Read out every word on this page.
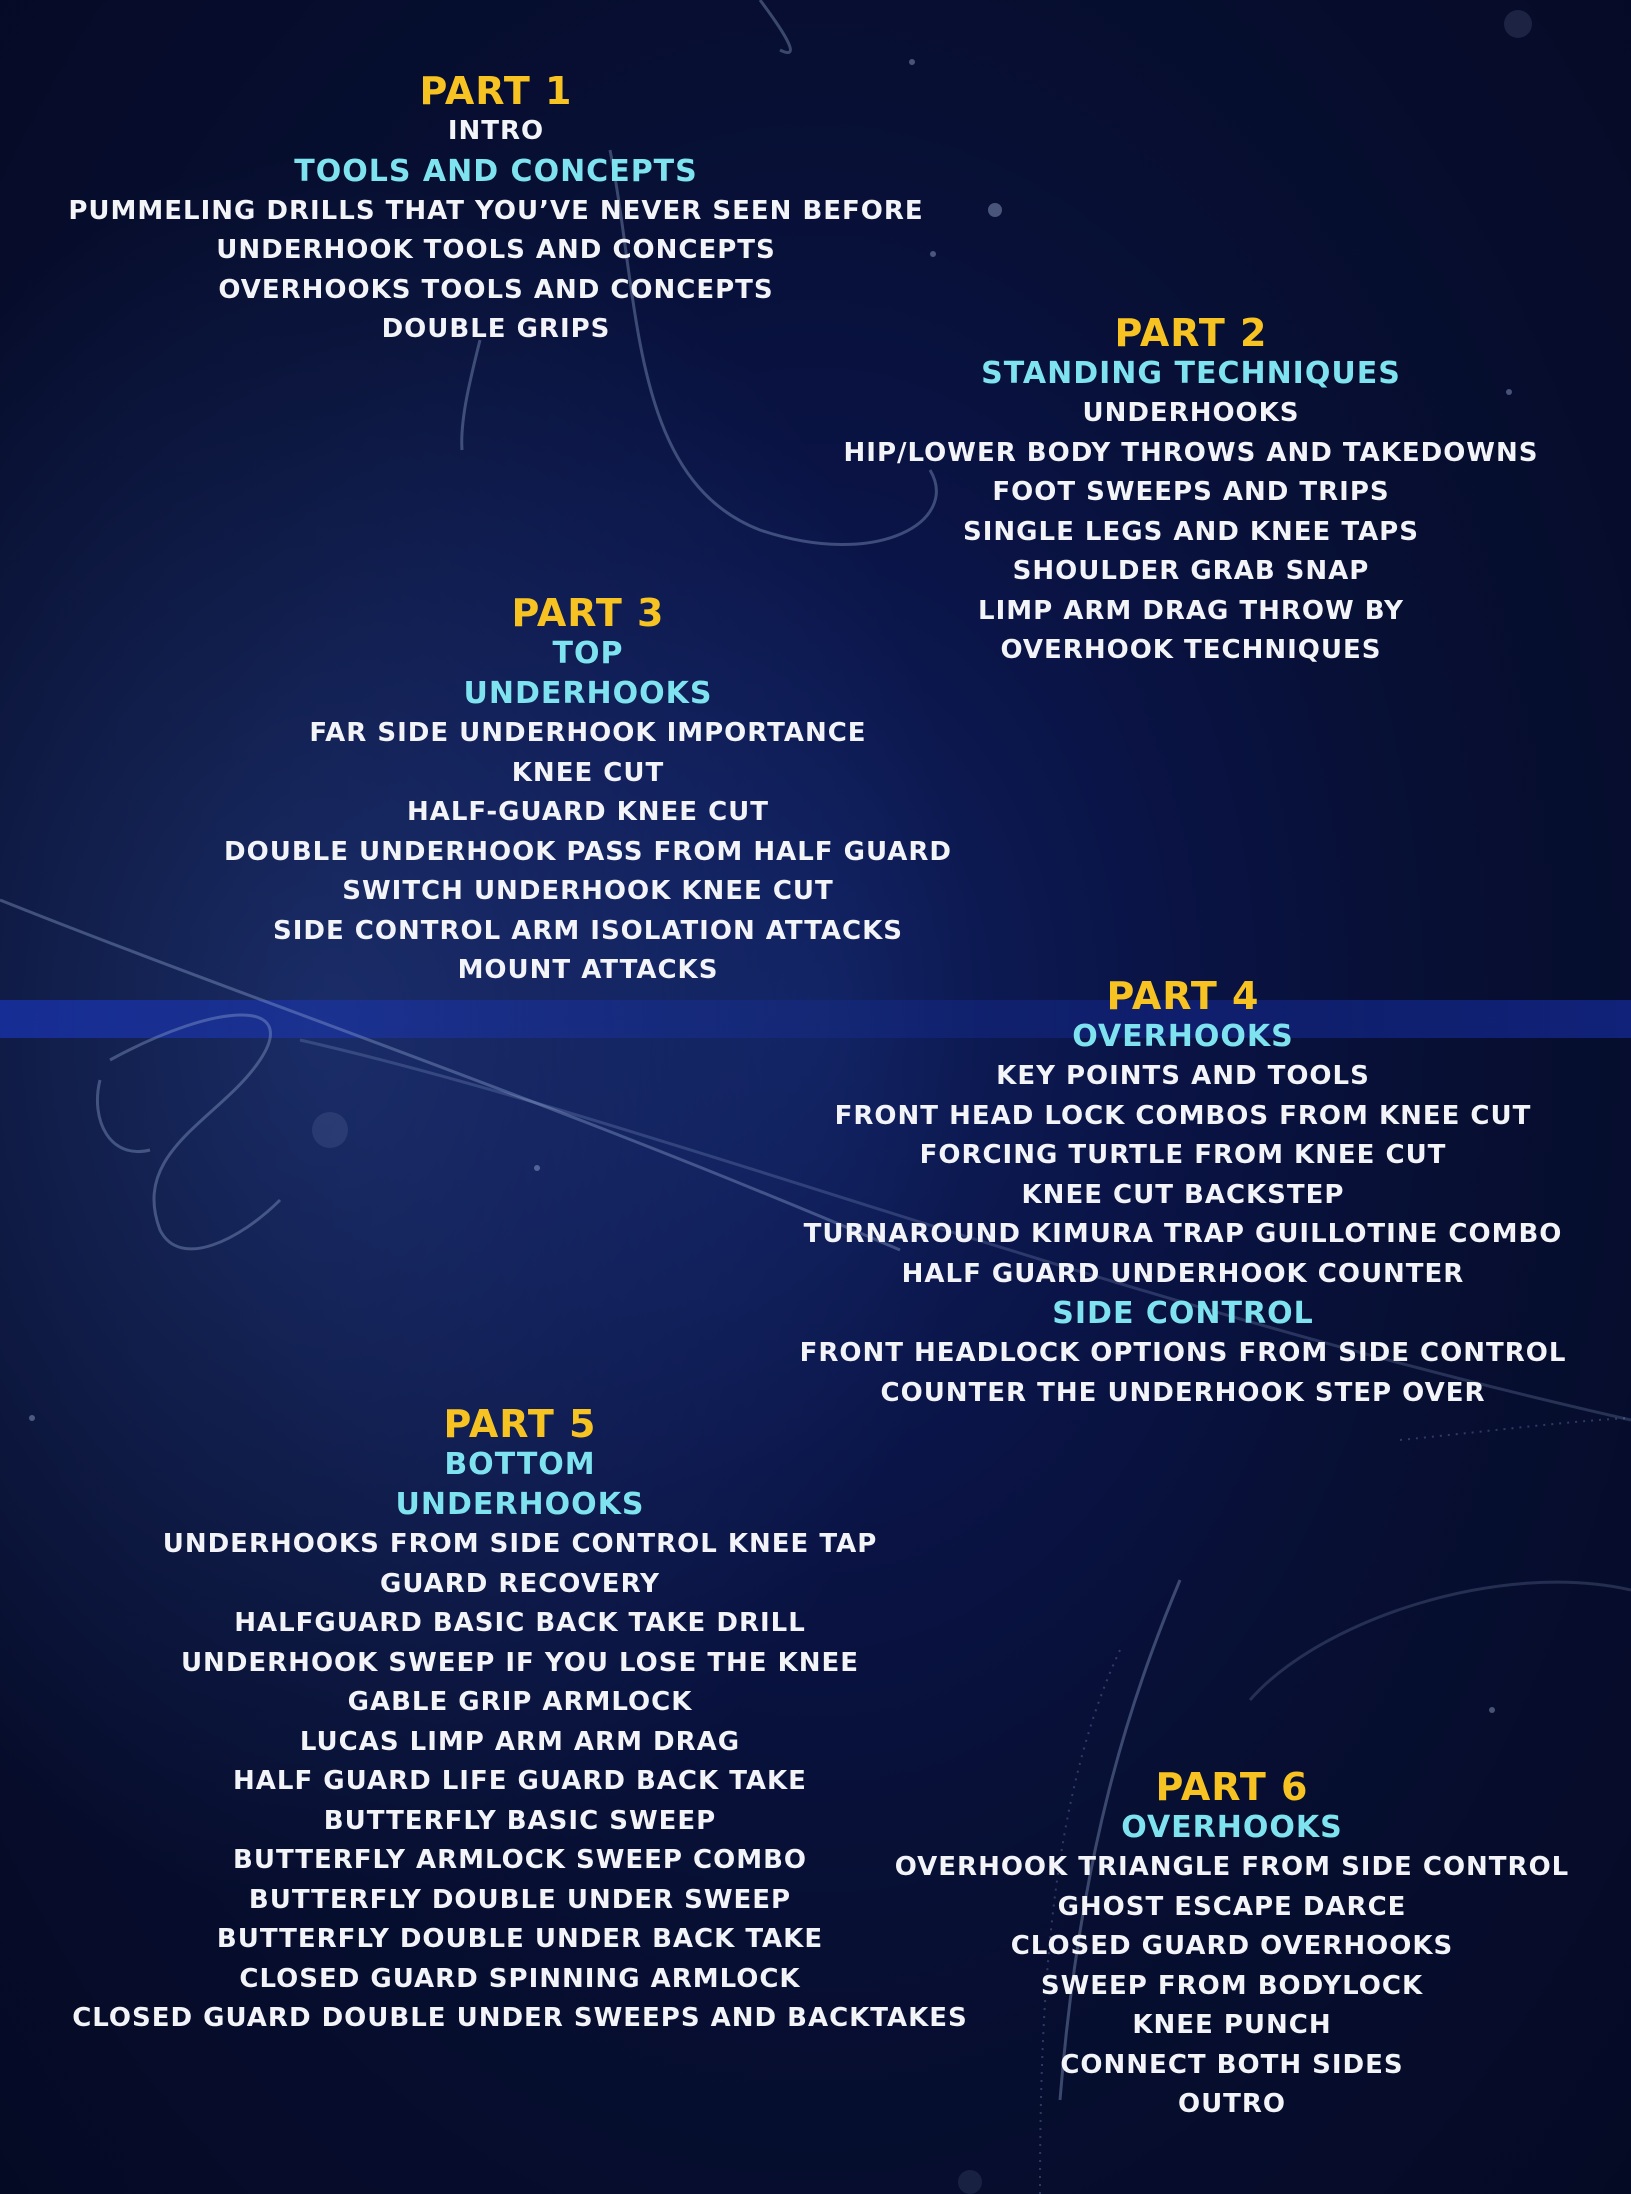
PART 1
INTRO
TOOLS AND CONCEPTS
PUMMELING DRILLS THAT YOU’VE NEVER SEEN BEFORE
UNDERHOOK TOOLS AND CONCEPTS
OVERHOOKS TOOLS AND CONCEPTS
DOUBLE GRIPS	PART 2
STANDING TECHNIQUES
UNDERHOOKS
HIP/LOWER BODY THROWS AND TAKEDOWNS
FOOT SWEEPS AND TRIPS
SINGLE LEGS AND KNEE TAPS
SHOULDER GRAB SNAP
LIMP ARM DRAG THROW BY
OVERHOOK TECHNIQUES
PART 3
TOP
UNDERHOOKS
FAR SIDE UNDERHOOK IMPORTANCE
KNEE CUT
HALF-GUARD KNEE CUT
DOUBLE UNDERHOOK PASS FROM HALF GUARD
SWITCH UNDERHOOK KNEE CUT
SIDE CONTROL ARM ISOLATION ATTACKS
MOUNT ATTACKS
PART 4
OVERHOOKS
KEY POINTS AND TOOLS
FRONT HEAD LOCK COMBOS FROM KNEE CUT
FORCING TURTLE FROM KNEE CUT
KNEE CUT BACKSTEP
TURNAROUND KIMURA TRAP GUILLOTINE COMBO
HALF GUARD UNDERHOOK COUNTER
SIDE CONTROL
FRONT HEADLOCK OPTIONS FROM SIDE CONTROL
COUNTER THE UNDERHOOK STEP OVER
PART 5
BOTTOM
UNDERHOOKS
UNDERHOOKS FROM SIDE CONTROL KNEE TAP
GUARD RECOVERY
HALFGUARD BASIC BACK TAKE DRILL
UNDERHOOK SWEEP IF YOU LOSE THE KNEE
GABLE GRIP ARMLOCK
LUCAS LIMP ARM ARM DRAG
HALF GUARD LIFE GUARD BACK TAKE
BUTTERFLY BASIC SWEEP
BUTTERFLY ARMLOCK SWEEP COMBO
BUTTERFLY DOUBLE UNDER SWEEP
BUTTERFLY DOUBLE UNDER BACK TAKE
CLOSED GUARD SPINNING ARMLOCK
CLOSED GUARD DOUBLE UNDER SWEEPS AND BACKTAKES
PART 6
OVERHOOKS
OVERHOOK TRIANGLE FROM SIDE CONTROL
GHOST ESCAPE DARCE
CLOSED GUARD OVERHOOKS
SWEEP FROM BODYLOCK
KNEE PUNCH
CONNECT BOTH SIDES
OUTRO
